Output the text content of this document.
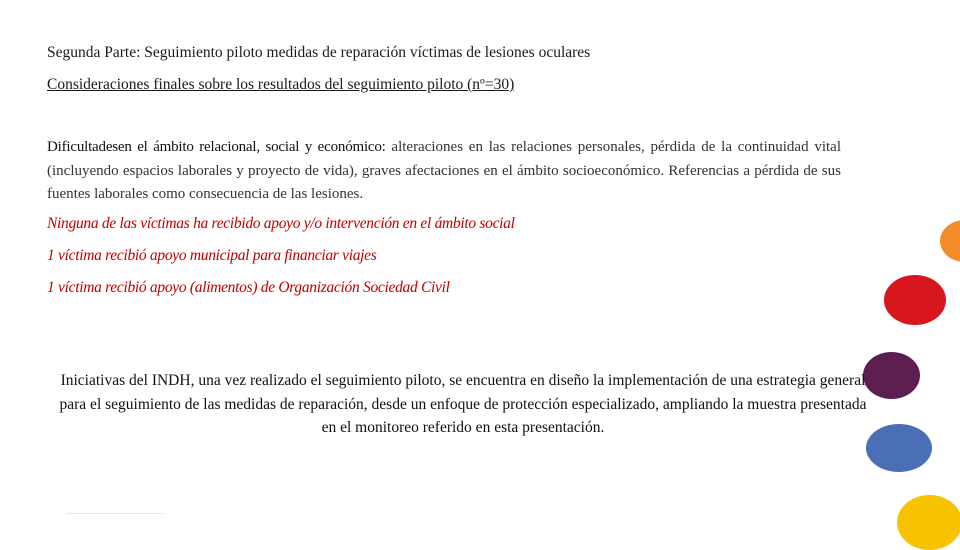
Segunda Parte: Seguimiento piloto medidas de reparación víctimas de lesiones oculares
Consideraciones finales sobre los resultados del seguimiento piloto (nº=30)
Dificultadesen el ámbito relacional, social y económico: alteraciones en las relaciones personales, pérdida de la continuidad vital (incluyendo espacios laborales y proyecto de vida), graves afectaciones en el ámbito socioeconómico. Referencias a pérdida de sus fuentes laborales como consecuencia de las lesiones.
Ninguna de las víctimas ha recibido apoyo y/o intervención en el ámbito social
1 víctima recibió apoyo municipal para financiar viajes
1 víctima recibió apoyo (alimentos) de Organización Sociedad Civil
Iniciativas del INDH, una vez realizado el seguimiento piloto, se encuentra en diseño la implementación de una estrategia general para el seguimiento de las medidas de reparación, desde un enfoque de protección especializado, ampliando la muestra presentada en el monitoreo referido en esta presentación.
